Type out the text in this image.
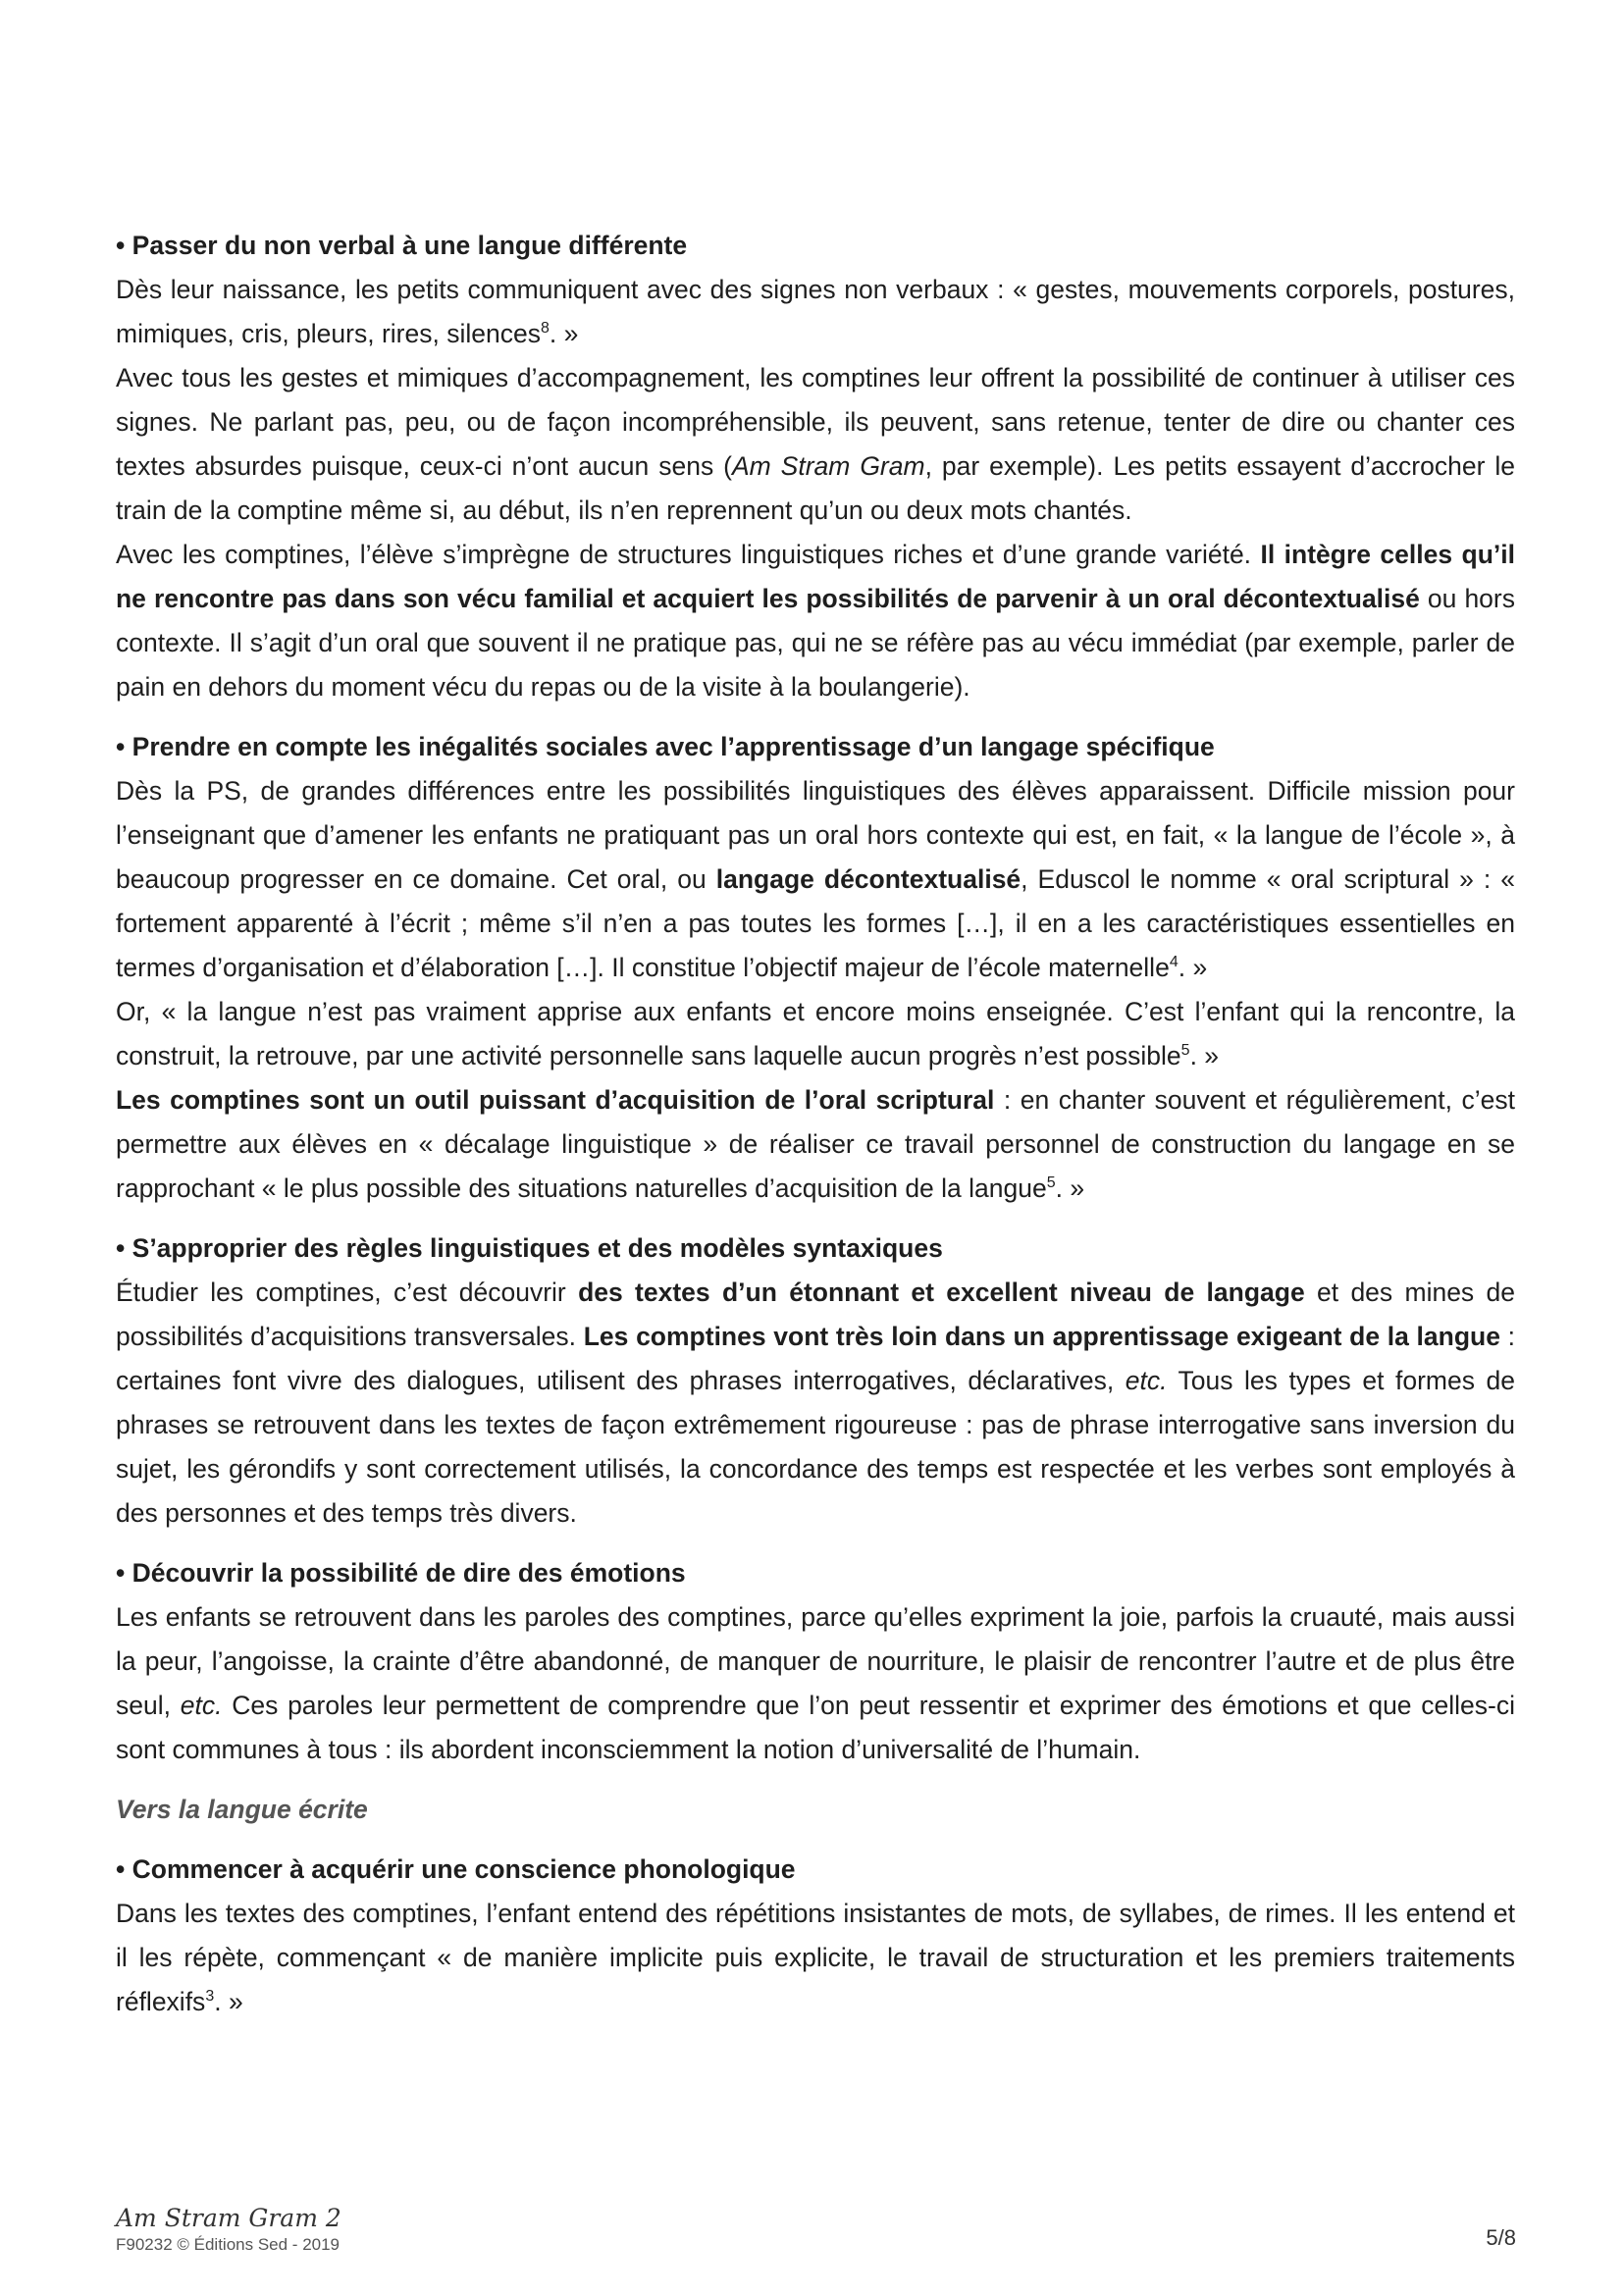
• Passer du non verbal à une langue différente

Dès leur naissance, les petits communiquent avec des signes non verbaux : « gestes, mouvements corporels, postures, mimiques, cris, pleurs, rires, silences$^8$. »

Avec tous les gestes et mimiques d’accompagnement, les comptines leur offrent la possibilité de continuer à utiliser ces signes. Ne parlant pas, peu, ou de façon incompréhensible, ils peuvent, sans retenue, tenter de dire ou chanter ces textes absurdes puisque, ceux-ci n’ont aucun sens (Am Stram Gram, par exemple). Les petits essayent d’accrocher le train de la comptine même si, au début, ils n’en reprennent qu’un ou deux mots chantés.

Avec les comptines, l’élève s’imprègne de structures linguistiques riches et d’une grande variété. Il intègre celles qu’il ne rencontre pas dans son vécu familial et acquiert les possibilités de parvenir à un oral décontextualisé ou hors contexte. Il s’agit d’un oral que souvent il ne pratique pas, qui ne se réfère pas au vécu immédiat (par exemple, parler de pain en dehors du moment vécu du repas ou de la visite à la boulangerie).

• Prendre en compte les inégalités sociales avec l’apprentissage d’un langage spécifique

Dès la PS, de grandes différences entre les possibilités linguistiques des élèves apparaissent. Difficile mission pour l’enseignant que d’amener les enfants ne pratiquant pas un oral hors contexte qui est, en fait, « la langue de l’école », à beaucoup progresser en ce domaine. Cet oral, ou langage décontextualisé, Eduscol le nomme « oral scriptural » : « fortement apparenté à l’écrit ; même s’il n’en a pas toutes les formes […], il en a les caractéristiques essentielles en termes d’organisation et d’élaboration […]. Il constitue l’objectif majeur de l’école maternelle$^4$. »

Or, « la langue n’est pas vraiment apprise aux enfants et encore moins enseignée. C’est l’enfant qui la rencontre, la construit, la retrouve, par une activité personnelle sans laquelle aucun progrès n’est possible$^5$. »

Les comptines sont un outil puissant d’acquisition de l’oral scriptural : en chanter souvent et régulièrement, c’est permettre aux élèves en « décalage linguistique » de réaliser ce travail personnel de construction du langage en se rapprochant « le plus possible des situations naturelles d’acquisition de la langue$^5$. »

• S’approprier des règles linguistiques et des modèles syntaxiques

Étudier les comptines, c’est découvrir des textes d’un étonnant et excellent niveau de langage et des mines de possibilités d’acquisitions transversales. Les comptines vont très loin dans un apprentissage exigeant de la langue : certaines font vivre des dialogues, utilisent des phrases interrogatives, déclaratives, etc. Tous les types et formes de phrases se retrouvent dans les textes de façon extrêmement rigoureuse : pas de phrase interrogative sans inversion du sujet, les gérondifs y sont correctement utilisés, la concordance des temps est respectée et les verbes sont employés à des personnes et des temps très divers.

• Découvrir la possibilité de dire des émotions

Les enfants se retrouvent dans les paroles des comptines, parce qu’elles expriment la joie, parfois la cruauté, mais aussi la peur, l’angoisse, la crainte d’être abandonné, de manquer de nourriture, le plaisir de rencontrer l’autre et de plus être seul, etc. Ces paroles leur permettent de comprendre que l’on peut ressentir et exprimer des émotions et que celles-ci sont communes à tous : ils abordent inconsciemment la notion d’universalité de l’humain.

Vers la langue écrite

• Commencer à acquérir une conscience phonologique

Dans les textes des comptines, l’enfant entend des répétitions insistantes de mots, de syllabes, de rimes. Il les entend et il les répète, commençant « de manière implicite puis explicite, le travail de structuration et les premiers traitements réflexifs$^3$. »

Am Stram Gram 2
F90232 © Éditions Sed - 2019	5/8
